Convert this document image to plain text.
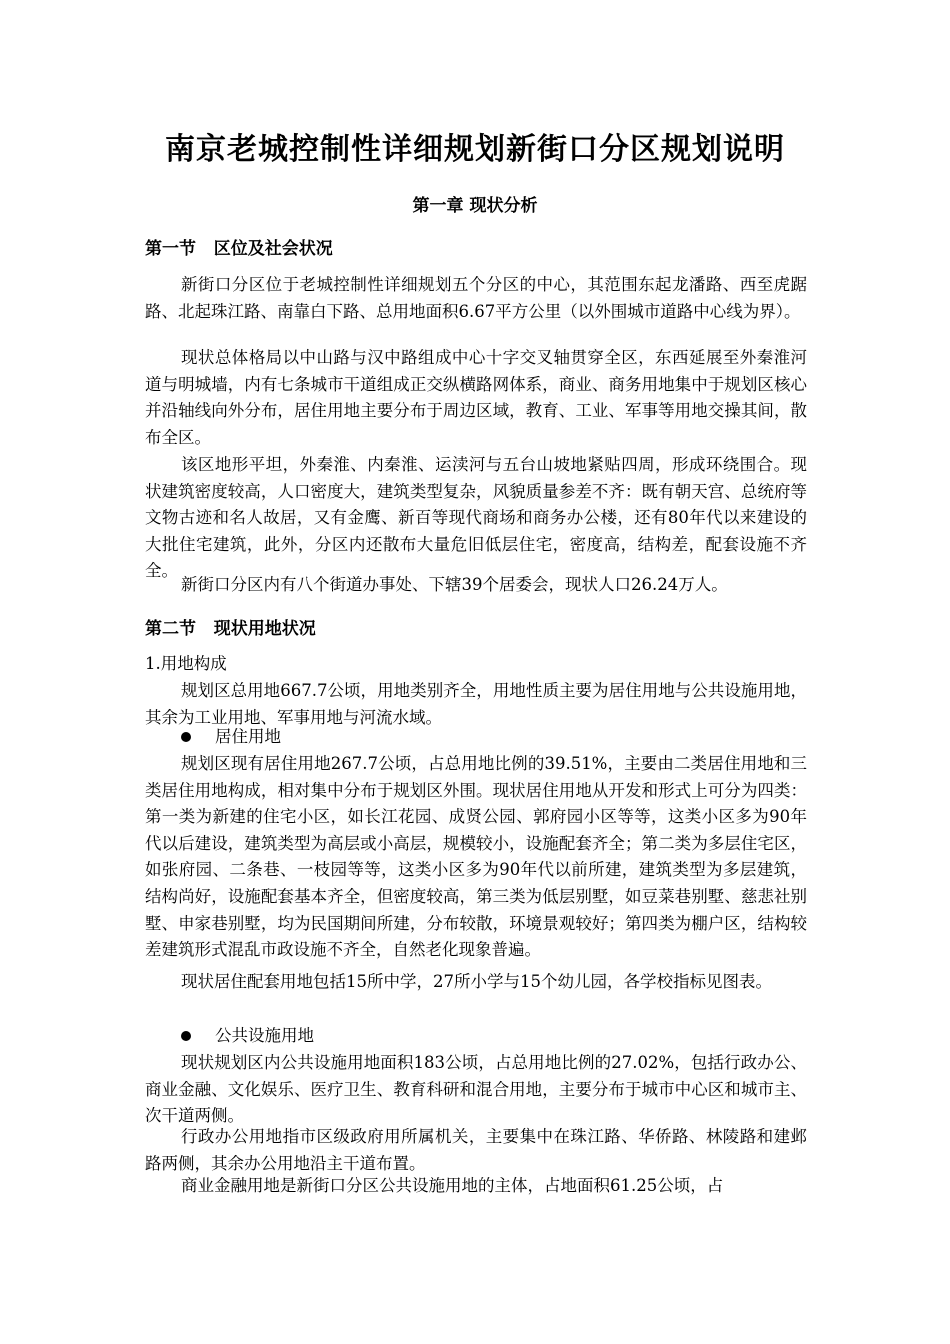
南京老城控制性详细规划新街口分区规划说明
第一章 现状分析
第一节   区位及社会状况

新街口分区位于老城控制性详细规划五个分区的中心，其范围东起龙潘路、西至虎踞路、北起珠江路、南靠白下路、总用地面积6.67平方公里（以外围城市道路中心线为界）。

现状总体格局以中山路与汉中路组成中心十字交叉轴贯穿全区，东西延展至外秦淮河道与明城墙，内有七条城市干道组成正交纵横路网体系，商业、商务用地集中于规划区核心并沿轴线向外分布，居住用地主要分布于周边区域，教育、工业、军事等用地交操其间，散布全区。

该区地形平坦，外秦淮、内秦淮、运渎河与五台山坡地紧贴四周，形成环绕围合。现状建筑密度较高，人口密度大，建筑类型复杂，风貌质量参差不齐：既有朝天宫、总统府等文物古迹和名人故居，又有金鹰、新百等现代商场和商务办公楼，还有80年代以来建设的大批住宅建筑，此外，分区内还散布大量危旧低层住宅，密度高，结构差，配套设施不齐全。

新街口分区内有八个街道办事处、下辖39个居委会，现状人口26.24万人。

第二节   现状用地状况

1.用地构成

规划区总用地667.7公顷，用地类别齐全，用地性质主要为居住用地与公共设施用地，其余为工业用地、军事用地与河流水域。

居住用地

规划区现有居住用地267.7公顷，占总用地比例的39.51%，主要由二类居住用地和三类居住用地构成，相对集中分布于规划区外围。现状居住用地从开发和形式上可分为四类：第一类为新建的住宅小区，如长江花园、成贤公园、郭府园小区等等，这类小区多为90年代以后建设，建筑类型为高层或小高层，规模较小，设施配套齐全；第二类为多层住宅区，如张府园、二条巷、一枝园等等，这类小区多为90年代以前所建，建筑类型为多层建筑，结构尚好，设施配套基本齐全，但密度较高，第三类为低层别墅，如豆菜巷别墅、慈悲社别墅、申家巷别墅，均为民国期间所建，分布较散，环境景观较好；第四类为棚户区，结构较差建筑形式混乱市政设施不齐全，自然老化现象普遍。

现状居住配套用地包括15所中学，27所小学与15个幼儿园，各学校指标见图表。

公共设施用地

现状规划区内公共设施用地面积183公顷，占总用地比例的27.02%，包括行政办公、商业金融、文化娱乐、医疗卫生、教育科研和混合用地，主要分布于城市中心区和城市主、次干道两侧。

行政办公用地指市区级政府用所属机关，主要集中在珠江路、华侨路、林陵路和建邺路两侧，其余办公用地沿主干道布置。

商业金融用地是新街口分区公共设施用地的主体，占地面积61.25公顷，占
